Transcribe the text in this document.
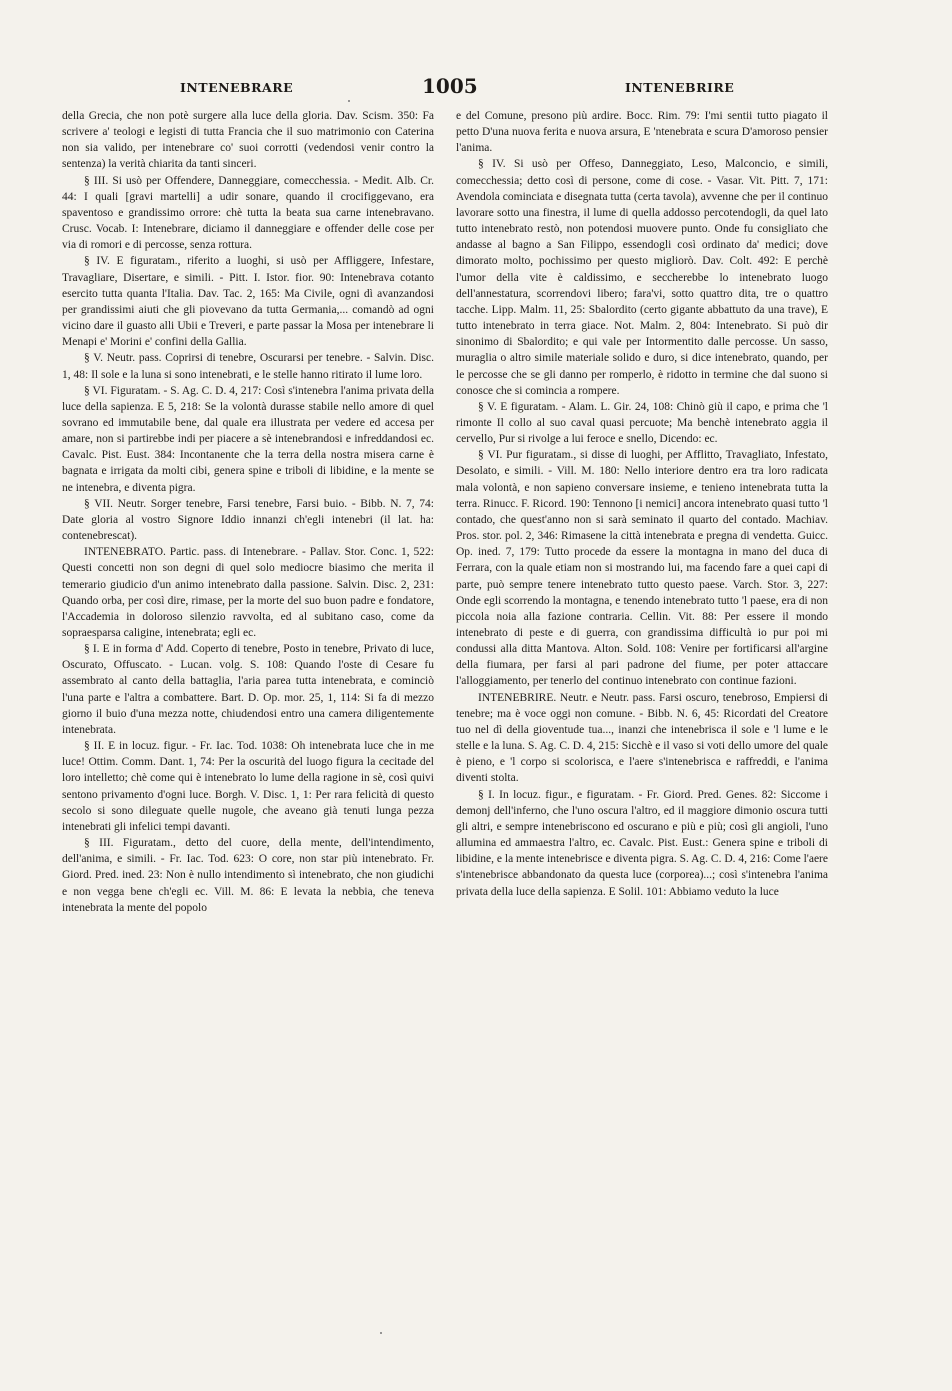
INTENEBRARE	1005	INTENEBRIRE

della Grecia, che non potè surgere alla luce della gloria. Dav. Scism. 350: Fa scrivere a' teologi e legisti di tutta Francia che il suo matrimonio con Caterina non sia valido, per intenebrare co' suoi corrotti (vedendosi venir contro la sentenza) la verità chiarita da tanti sinceri.

§ III. Si usò per Offendere, Danneggiare, comecchessia. - Medit. Alb. Cr. 44: I quali [gravi martelli] a udir sonare, quando il crocifiggevano, era spaventoso e grandissimo orrore: chè tutta la beata sua carne intenebravano. Crusc. Vocab. I: Intenebrare, diciamo il danneggiare e offender delle cose per via di romori e di percosse, senza rottura.

§ IV. E figuratam., riferito a luoghi, si usò per Affliggere, Infestare, Travagliare, Disertare, e simili. - Pitt. I. Istor. fior. 90: Intenebrava cotanto esercito tutta quanta l'Italia. Dav. Tac. 2, 165: Ma Civile, ogni dì avanzandosi per grandissimi aiuti che gli piovevano da tutta Germania,... comandò ad ogni vicino dare il guasto alli Ubii e Treveri, e parte passar la Mosa per intenebrare li Menapi e' Morini e' confini della Gallia.

§ V. Neutr. pass. Coprirsi di tenebre, Oscurarsi per tenebre. - Salvin. Disc. 1, 48: Il sole e la luna si sono intenebrati, e le stelle hanno ritirato il lume loro.

§ VI. Figuratam. - S. Ag. C. D. 4, 217: Così s'intenebra l'anima privata della luce della sapienza. E 5, 218: Se la volontà durasse stabile nello amore di quel sovrano ed immutabile bene, dal quale era illustrata per vedere ed accesa per amare, non si partirebbe indi per piacere a sè intenebrandosi e infreddandosi ec. Cavalc. Pist. Eust. 384: Incontanente che la terra della nostra misera carne è bagnata e irrigata da molti cibi, genera spine e triboli di libidine, e la mente se ne intenebra, e diventa pigra.

§ VII. Neutr. Sorger tenebre, Farsi tenebre, Farsi buio. - Bibb. N. 7, 74: Date gloria al vostro Signore Iddio innanzi ch'egli intenebri (il lat. ha: contenebrescat).

INTENEBRATO. Partic. pass. di Intenebrare. - Pallav. Stor. Conc. 1, 522: Questi concetti non son degni di quel solo mediocre biasimo che merita il temerario giudicio d'un animo intenebrato dalla passione. Salvin. Disc. 2, 231: Quando orba, per così dire, rimase, per la morte del suo buon padre e fondatore, l'Accademia in doloroso silenzio ravvolta, ed al subitano caso, come da sopraesparsa caligine, intenebrata; egli ec.

§ I. E in forma d' Add. Coperto di tenebre, Posto in tenebre, Privato di luce, Oscurato, Offuscato. - Lucan. volg. S. 108: Quando l'oste di Cesare fu assembrato al canto della battaglia, l'aria parea tutta intenebrata, e cominciò l'una parte e l'altra a combattere. Bart. D. Op. mor. 25, 1, 114: Si fa di mezzo giorno il buio d'una mezza notte, chiudendosi entro una camera diligentemente intenebrata.

§ II. E in locuz. figur. - Fr. Iac. Tod. 1038: Oh intenebrata luce che in me luce! Ottim. Comm. Dant. 1, 74: Per la oscurità del luogo figura la cecitade del loro intelletto; chè come qui è intenebrato lo lume della ragione in sè, così quivi sentono privamento d'ogni luce. Borgh. V. Disc. 1, 1: Per rara felicità di questo secolo si sono dileguate quelle nugole, che aveano già tenuti lunga pezza intenebrati gli infelici tempi davanti.

§ III. Figuratam., detto del cuore, della mente, dell'intendimento, dell'anima, e simili. - Fr. Iac. Tod. 623: O core, non star più intenebrato. Fr. Giord. Pred. ined. 23: Non è nullo intendimento sì intenebrato, che non giudichi e non vegga bene ch'egli ec. Vill. M. 86: E levata la nebbia, che teneva intenebrata la mente del popolo

e del Comune, presono più ardire. Bocc. Rim. 79: I'mi sentii tutto piagato il petto D'una nuova ferita e nuova arsura, E 'ntenebrata e scura D'amoroso pensier l'anima.

§ IV. Si usò per Offeso, Danneggiato, Leso, Malconcio, e simili, comecchessia; detto così di persone, come di cose. - Vasar. Vit. Pitt. 7, 171: Avendola cominciata e disegnata tutta (certa tavola), avvenne che per il continuo lavorare sotto una finestra, il lume di quella addosso percotendogli, da quel lato tutto intenebrato restò, non potendosi muovere punto. Onde fu consigliato che andasse al bagno a San Filippo, essendogli così ordinato da' medici; dove dimorato molto, pochissimo per questo migliorò. Dav. Colt. 492: E perchè l'umor della vite è caldissimo, e seccherebbe lo intenebrato luogo dell'annestatura, scorrendovi libero; fara'vi, sotto quattro dita, tre o quattro tacche. Lipp. Malm. 11, 25: Sbalordito (certo gigante abbattuto da una trave), E tutto intenebrato in terra giace. Not. Malm. 2, 804: Intenebrato. Si può dir sinonimo di Sbalordito; e qui vale per Intormentito dalle percosse. Un sasso, muraglia o altro simile materiale solido e duro, si dice intenebrato, quando, per le percosse che se gli danno per romperlo, è ridotto in termine che dal suono si conosce che si comincia a rompere.

§ V. E figuratam. - Alam. L. Gir. 24, 108: Chinò giù il capo, e prima che 'l rimonte Il collo al suo caval quasi percuote; Ma benchè intenebrato aggia il cervello, Pur si rivolge a lui feroce e snello, Dicendo: ec.

§ VI. Pur figuratam., si disse di luoghi, per Afflitto, Travagliato, Infestato, Desolato, e simili. - Vill. M. 180: Nello interiore dentro era tra loro radicata mala volontà, e non sapieno conversare insieme, e tenieno intenebrata tutta la terra. Rinucc. F. Ricord. 190: Tennono [i nemici] ancora intenebrato quasi tutto 'l contado, che quest'anno non si sarà seminato il quarto del contado. Machiav. Pros. stor. pol. 2, 346: Rimasene la città intenebrata e pregna di vendetta. Guicc. Op. ined. 7, 179: Tutto procede da essere la montagna in mano del duca di Ferrara, con la quale etiam non si mostrando lui, ma facendo fare a quei capi di parte, può sempre tenere intenebrato tutto questo paese. Varch. Stor. 3, 227: Onde egli scorrendo la montagna, e tenendo intenebrato tutto 'l paese, era di non piccola noia alla fazione contraria. Cellin. Vit. 88: Per essere il mondo intenebrato di peste e di guerra, con grandissima difficultà io pur poi mi condussi alla ditta Mantova. Alton. Sold. 108: Venire per fortificarsi all'argine della fiumara, per farsi al pari padrone del fiume, per poter attaccare l'alloggiamento, per tenerlo del continuo intenebrato con continue fazioni.

INTENEBRIRE. Neutr. e Neutr. pass. Farsi oscuro, tenebroso, Empiersi di tenebre; ma è voce oggi non comune. - Bibb. N. 6, 45: Ricordati del Creatore tuo nel dì della gioventude tua..., inanzi che intenebrisca il sole e 'l lume e le stelle e la luna. S. Ag. C. D. 4, 215: Sicchè e il vaso si voti dello umore del quale è pieno, e 'l corpo si scolorisca, e l'aere s'intenebrisca e raffreddi, e l'anima diventi stolta.

§ I. In locuz. figur., e figuratam. - Fr. Giord. Pred. Genes. 82: Siccome i demonj dell'inferno, che l'uno oscura l'altro, ed il maggiore dimonio oscura tutti gli altri, e sempre intenebriscono ed oscurano e più e più; così gli angioli, l'uno allumina ed ammaestra l'altro, ec. Cavalc. Pist. Eust.: Genera spine e triboli di libidine, e la mente intenebrisce e diventa pigra. S. Ag. C. D. 4, 216: Come l'aere s'intenebrisce abbandonato da questa luce (corporea)...; così s'intenebra l'anima privata della luce della sapienza. E Solil. 101: Abbiamo veduto la luce
